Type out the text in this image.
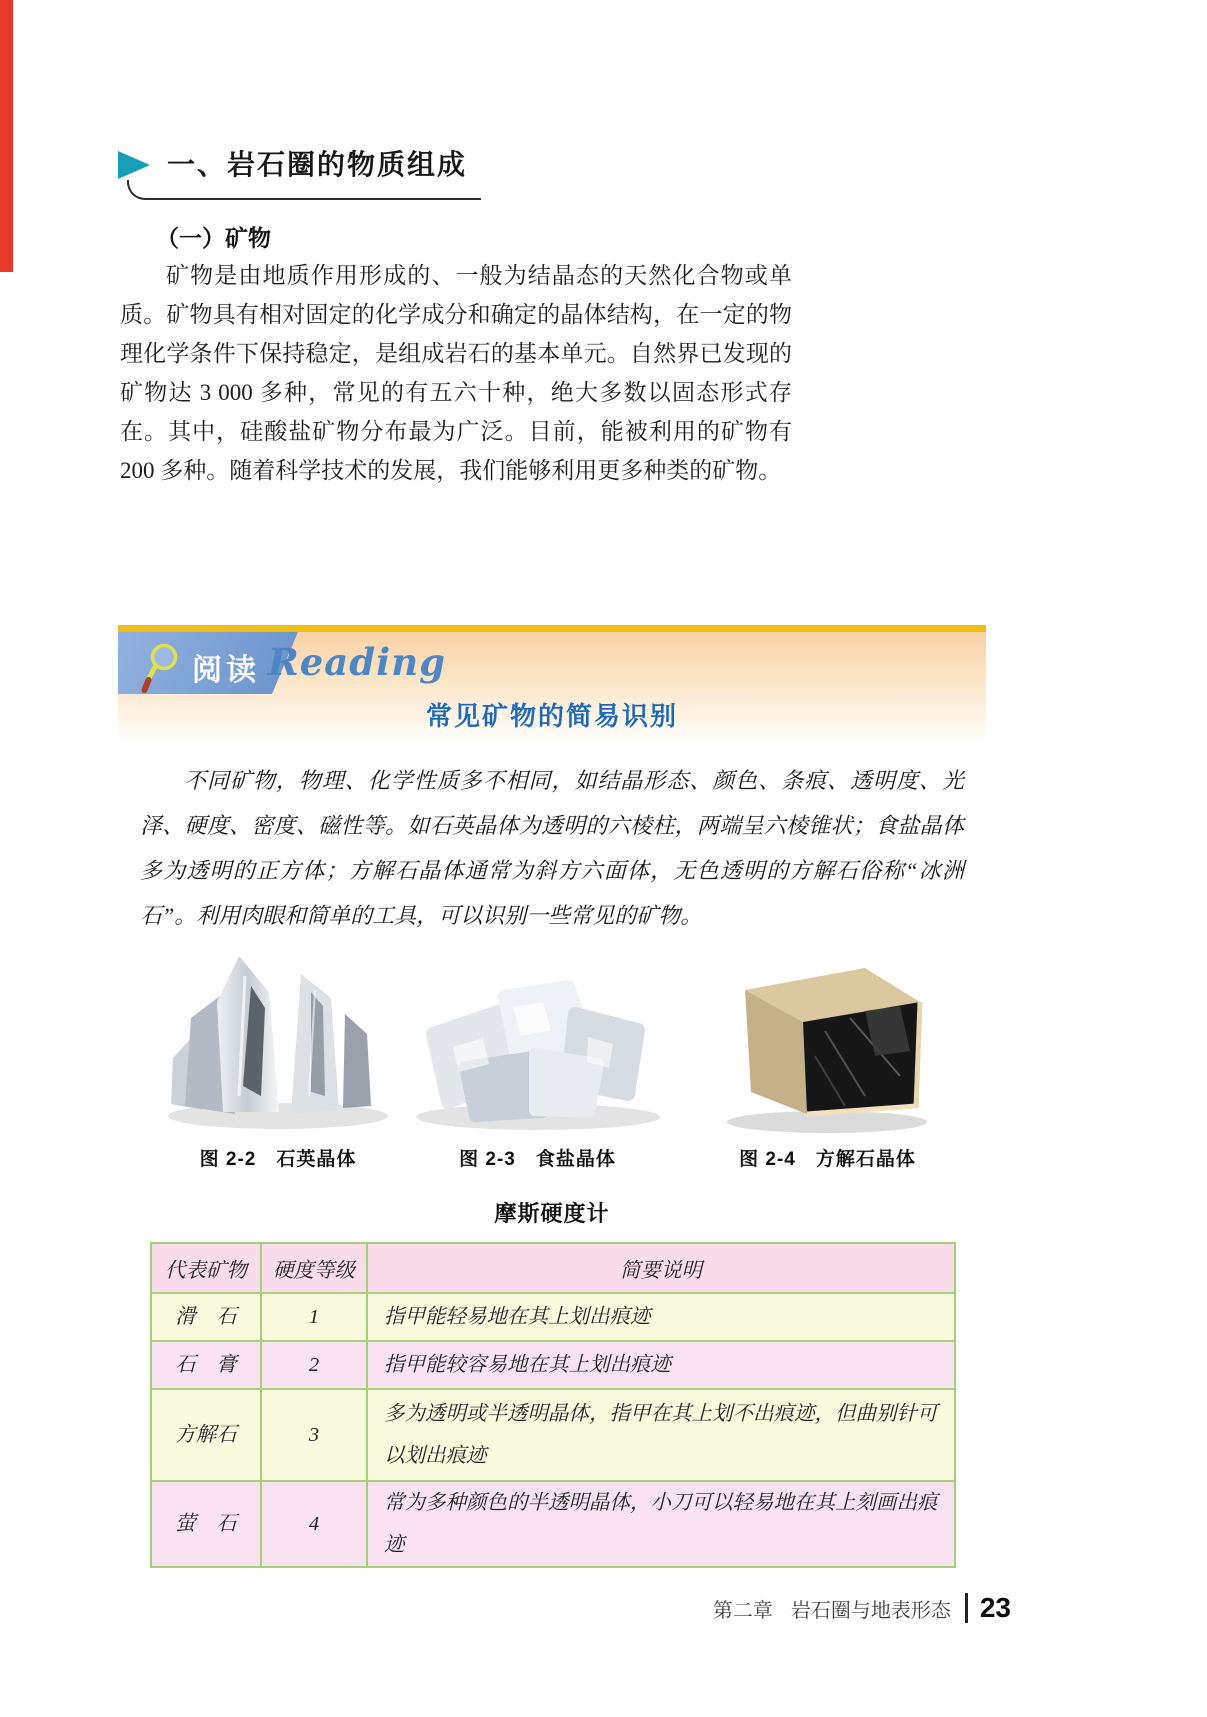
一、岩石圈的物质组成
（一）矿物

矿物是由地质作用形成的、一般为结晶态的天然化合物或单质。矿物具有相对固定的化学成分和确定的晶体结构，在一定的物理化学条件下保持稳定，是组成岩石的基本单元。自然界已发现的矿物达 3 000 多种，常见的有五六十种，绝大多数以固态形式存在。其中，硅酸盐矿物分布最为广泛。目前，能被利用的矿物有 200 多种。随着科学技术的发展，我们能够利用更多种类的矿物。

阅读 Reading
常见矿物的简易识别

不同矿物，物理、化学性质多不相同，如结晶形态、颜色、条痕、透明度、光泽、硬度、密度、磁性等。如石英晶体为透明的六棱柱，两端呈六棱锥状；食盐晶体多为透明的正方体；方解石晶体通常为斜方六面体，无色透明的方解石俗称“冰洲石”。利用肉眼和简单的工具，可以识别一些常见的矿物。

图 2-2　石英晶体	图 2-3　食盐晶体	图 2-4　方解石晶体
摩斯硬度计
代表矿物	硬度等级	简要说明
滑　石	1	指甲能轻易地在其上划出痕迹
石　膏	2	指甲能较容易地在其上划出痕迹
方解石	3	多为透明或半透明晶体，指甲在其上划不出痕迹，但曲别针可以划出痕迹
萤　石	4	常为多种颜色的半透明晶体，小刀可以轻易地在其上刻画出痕迹
第二章 岩石圈与地表形态 23
